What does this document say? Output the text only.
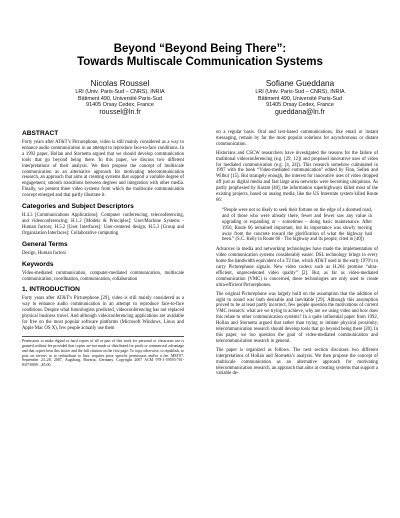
Beyond “Beyond Being There”:
Towards Multiscale Communication Systems
Nicolas Roussel
LRI (Univ. Paris-Sud – CNRS), INRIA
Bâtiment 490, Université Paris-Sud
91405 Orsay Cedex, France
roussel@lri.fr
Sofiane Gueddana
LRI (Univ. Paris-Sud – CNRS), INRIA
Bâtiment 490, Université Paris-Sud
91405 Orsay Cedex, France
gueddana@lri.fr
ABSTRACT

Forty years after AT&T’s Picturephone, video is still mainly considered as a way to enhance audio communication in an attempt to reproduce face-to-face conditions. In a 1992 paper, Hollan and Stornetta argued that we should develop communication tools that go beyond being there. In this paper, we discuss two different interpretations of their analysis. We then propose the concept of multiscale communication as an alternative approach for motivating telecommunication research, an approach that aims at creating systems that support a variable degree of engagement, smooth transitions between degrees and integration with other media. Finally, we present three video systems from which the multiscale communication concept emerged and that partly illustrate it.

Categories and Subject Descriptors

H.4.3 [Communications Applications]: Computer conferencing, teleconferencing, and videoconferencing; H.1.2 [Models & Principles]: User/Machine Systems - Human factors; H.5.2 [User Interfaces]: User-centered design; H.5.3 [Group and Organization Interfaces]: Collaborative computing

General Terms

Design, Human factors

Keywords

Video-mediated communication, computer-mediated communication, multiscale communication, coordination, communication, collaboration

1. INTRODUCTION

Forty years after AT&T’s Picturephone [29], video is still mainly considered as a way to enhance audio communication in an attempt to reproduce face-to-face conditions. Despite what futurologists predicted, videoconferencing has not replaced physical business travel. And although videoconferencing applications are available for free on the most popular software platforms (Microsoft Windows, Linux and Apple Mac OS X), few people actually use them

Permission to make digital or hard copies of all or part of this work for personal or classroom use is granted without fee provided that copies are not made or distributed for profit or commercial advantage and that copies bear this notice and the full citation on the first page. To copy otherwise, to republish, to post on servers or to redistribute to lists, requires prior specific permission and/or a fee. MM’07, September 23–28, 2007, Augsburg, Bavaria, Germany. Copyright 2007 ACM 978-1-59593-701-8/07/0009 ...$5.00.

on a regular basis. Oral and text-based communications, like email or instant messaging, remain by far the most popular solutions for asynchronous or distant communication.

Historians and CSCW researchers have investigated the reasons for the failure of traditional videoconferencing (e.g. [29, 12]) and proposed innovative uses of video for mediated communication (e.g. [4, 24]). This research somehow culminated in 1997 with the book “Video-mediated communication” edited by Finn, Sellen and Wilbur [15]. But strangely enough, the interest for innovative uses of video dropped off just as digital media and fast large area networks were becoming ubiquitous. As partly prophesied by Karam [40], the information superhighways killed most of the existing projects, based on analog media, like the US Interstate system killed Route 66:

“People were not so likely to seek their fortune on the edge of a doomed road, and of those who were already there, fewer and fewer saw any value in upgrading or expanding or – sometimes – doing basic maintenance. After 1956, Route 66 remained important, but its importance was slowly moving away from the concrete toward the glorification of what the highway had been.” (S.C. Kelly in Route 66 - The highway and its people, cited in [40])

Advances in media and networking technologies have made the implementation of video communication systems considerably easier. DSL technology brings to every home the bandwidth equivalent of a T2 line, which AT&T used in the early 1970’s to carry Picturephone signals. New video codecs such as H.264 promise “ultra-efficient, unprecedented video quality” [2]. But, as far as video-mediated communication (VMC) is concerned, these technologies are only used to create ultra-efficient Picturephones.

The original Picturephone was largely built on the assumption that the addition of sight to sound was both desirable and inevitable [29]. Although this assumption proved to be at least partly incorrect, few people question the motivations of current VMC research: what are we trying to achieve, why are we using video and how does this relate to other communication systems? In a quite influential paper from 1992, Hollan and Stornetta argued that rather than trying to imitate physical proximity, telecommunication research should develop tools that go beyond being there [20]. In this paper, we too question the goal of video-mediated communication and telecommunication research in general.

The paper is organized as follows. The next section discusses two different interpretations of Hollan and Stornetta’s analysis. We then propose the concept of multiscale communication as an alternative approach for motivating telecommunication research, an approach that aims at creating systems that support a variable de-
